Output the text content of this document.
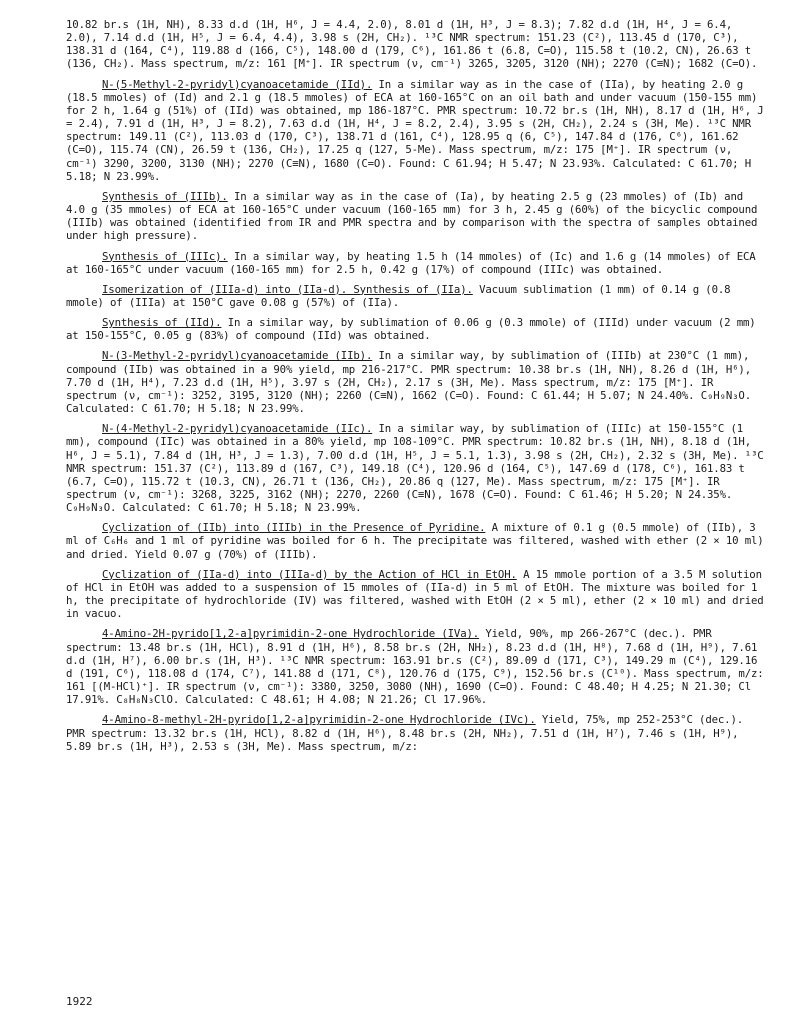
10.82 br.s (1H, NH), 8.33 d.d (1H, H⁶, J = 4.4, 2.0), 8.01 d (1H, H³, J = 8.3); 7.82 d.d (1H, H⁴, J = 6.4, 2.0), 7.14 d.d (1H, H⁵, J = 6.4, 4.4), 3.98 s (2H, CH₂). ¹³C NMR spectrum: 151.23 (C²), 113.45 d (170, C³), 138.31 d (164, C⁴), 119.88 d (166, C⁵), 148.00 d (179, C⁶), 161.86 t (6.8, C=O), 115.58 t (10.2, CN), 26.63 t (136, CH₂). Mass spectrum, m/z: 161 [M⁺]. IR spectrum (ν, cm⁻¹) 3265, 3205, 3120 (NH); 2270 (C≡N); 1682 (C=O).

N-(5-Methyl-2-pyridyl)cyanoacetamide (IId). In a similar way as in the case of (IIa), by heating 2.0 g (18.5 mmoles) of (Id) and 2.1 g (18.5 mmoles) of ECA at 160-165°C on an oil bath and under vacuum (150-155 mm) for 2 h, 1.64 g (51%) of (IId) was obtained, mp 186-187°C. PMR spectrum: 10.72 br.s (1H, NH), 8.17 d (1H, H⁶, J = 2.4), 7.91 d (1H, H³, J = 8.2), 7.63 d.d (1H, H⁴, J = 8.2, 2.4), 3.95 s (2H, CH₂), 2.24 s (3H, Me). ¹³C NMR spectrum: 149.11 (C²), 113.03 d (170, C³), 138.71 d (161, C⁴), 128.95 q (6, C⁵), 147.84 d (176, C⁶), 161.62 (C=O), 115.74 (CN), 26.59 t (136, CH₂), 17.25 q (127, 5-Me). Mass spectrum, m/z: 175 [M⁺]. IR spectrum (ν, cm⁻¹) 3290, 3200, 3130 (NH); 2270 (C≡N), 1680 (C=O). Found: C 61.94; H 5.47; N 23.93%. Calculated: C 61.70; H 5.18; N 23.99%.

Synthesis of (IIIb). In a similar way as in the case of (Ia), by heating 2.5 g (23 mmoles) of (Ib) and 4.0 g (35 mmoles) of ECA at 160-165°C under vacuum (160-165 mm) for 3 h, 2.45 g (60%) of the bicyclic compound (IIIb) was obtained (identified from IR and PMR spectra and by comparison with the spectra of samples obtained under high pressure).

Synthesis of (IIIc). In a similar way, by heating 1.5 h (14 mmoles) of (Ic) and 1.6 g (14 mmoles) of ECA at 160-165°C under vacuum (160-165 mm) for 2.5 h, 0.42 g (17%) of compound (IIIc) was obtained.

Isomerization of (IIIa-d) into (IIa-d). Synthesis of (IIa). Vacuum sublimation (1 mm) of 0.14 g (0.8 mmole) of (IIIa) at 150°C gave 0.08 g (57%) of (IIa).

Synthesis of (IId). In a similar way, by sublimation of 0.06 g (0.3 mmole) of (IIId) under vacuum (2 mm) at 150-155°C, 0.05 g (83%) of compound (IId) was obtained.

N-(3-Methyl-2-pyridyl)cyanoacetamide (IIb). In a similar way, by sublimation of (IIIb) at 230°C (1 mm), compound (IIb) was obtained in a 90% yield, mp 216-217°C. PMR spectrum: 10.38 br.s (1H, NH), 8.26 d (1H, H⁶), 7.70 d (1H, H⁴), 7.23 d.d (1H, H⁵), 3.97 s (2H, CH₂), 2.17 s (3H, Me). Mass spectrum, m/z: 175 [M⁺]. IR spectrum (ν, cm⁻¹): 3252, 3195, 3120 (NH); 2260 (C≡N), 1662 (C=O). Found: C 61.44; H 5.07; N 24.40%. C₉H₉N₃O. Calculated: C 61.70; H 5.18; N 23.99%.

N-(4-Methyl-2-pyridyl)cyanoacetamide (IIc). In a similar way, by sublimation of (IIIc) at 150-155°C (1 mm), compound (IIc) was obtained in a 80% yield, mp 108-109°C. PMR spectrum: 10.82 br.s (1H, NH), 8.18 d (1H, H⁶, J = 5.1), 7.84 d (1H, H³, J = 1.3), 7.00 d.d (1H, H⁵, J = 5.1, 1.3), 3.98 s (2H, CH₂), 2.32 s (3H, Me). ¹³C NMR spectrum: 151.37 (C²), 113.89 d (167, C³), 149.18 (C⁴), 120.96 d (164, C⁵), 147.69 d (178, C⁶), 161.83 t (6.7, C=O), 115.72 t (10.3, CN), 26.71 t (136, CH₂), 20.86 q (127, Me). Mass spectrum, m/z: 175 [M⁺]. IR spectrum (ν, cm⁻¹): 3268, 3225, 3162 (NH); 2270, 2260 (C≡N), 1678 (C=O). Found: C 61.46; H 5.20; N 24.35%. C₉H₉N₃O. Calculated: C 61.70; H 5.18; N 23.99%.

Cyclization of (IIb) into (IIIb) in the Presence of Pyridine. A mixture of 0.1 g (0.5 mmole) of (IIb), 3 ml of C₆H₆ and 1 ml of pyridine was boiled for 6 h. The precipitate was filtered, washed with ether (2 × 10 ml) and dried. Yield 0.07 g (70%) of (IIIb).

Cyclization of (IIa-d) into (IIIa-d) by the Action of HCl in EtOH. A 15 mmole portion of a 3.5 M solution of HCl in EtOH was added to a suspension of 15 mmoles of (IIa-d) in 5 ml of EtOH. The mixture was boiled for 1 h, the precipitate of hydrochloride (IV) was filtered, washed with EtOH (2 × 5 ml), ether (2 × 10 ml) and dried in vacuo.

4-Amino-2H-pyrido[1,2-a]pyrimidin-2-one Hydrochloride (IVa). Yield, 90%, mp 266-267°C (dec.). PMR spectrum: 13.48 br.s (1H, HCl), 8.91 d (1H, H⁶), 8.58 br.s (2H, NH₂), 8.23 d.d (1H, H⁸), 7.68 d (1H, H⁹), 7.61 d.d (1H, H⁷), 6.00 br.s (1H, H³). ¹³C NMR spectrum: 163.91 br.s (C²), 89.09 d (171, C³), 149.29 m (C⁴), 129.16 d (191, C⁶), 118.08 d (174, C⁷), 141.88 d (171, C⁸), 120.76 d (175, C⁹), 152.56 br.s (C¹⁰). Mass spectrum, m/z: 161 [(M-HCl)⁺]. IR spectrum (ν, cm⁻¹): 3380, 3250, 3080 (NH), 1690 (C=O). Found: C 48.40; H 4.25; N 21.30; Cl 17.91%. C₈H₈N₃ClO. Calculated: C 48.61; H 4.08; N 21.26; Cl 17.96%.

4-Amino-8-methyl-2H-pyrido[1,2-a]pyrimidin-2-one Hydrochloride (IVc). Yield, 75%, mp 252-253°C (dec.). PMR spectrum: 13.32 br.s (1H, HCl), 8.82 d (1H, H⁶), 8.48 br.s (2H, NH₂), 7.51 d (1H, H⁷), 7.46 s (1H, H⁹), 5.89 br.s (1H, H³), 2.53 s (3H, Me). Mass spectrum, m/z:

1922
